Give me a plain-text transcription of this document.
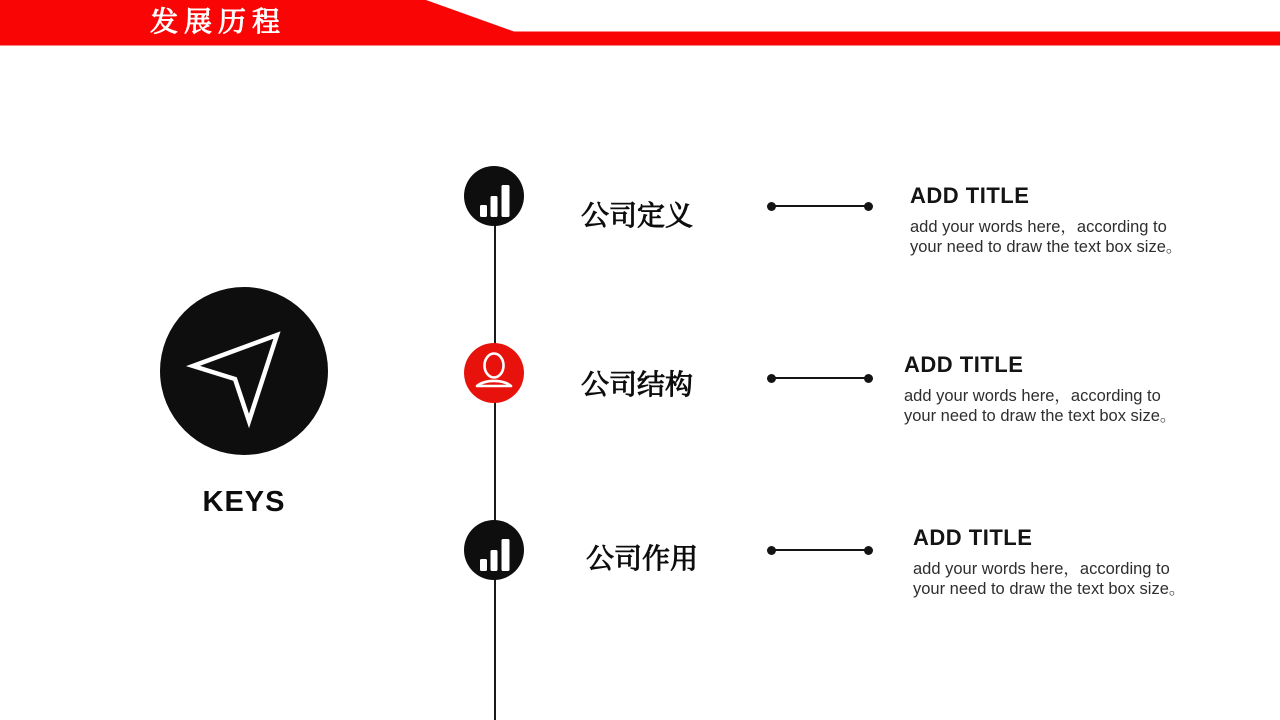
发展历程
KEYS
公司定义
公司结构
公司作用
ADD TITLE
add your words here，according to
your need to draw the text box size。
ADD TITLE
add your words here，according to
your need to draw the text box size。
ADD TITLE
add your words here，according to
your need to draw the text box size。
